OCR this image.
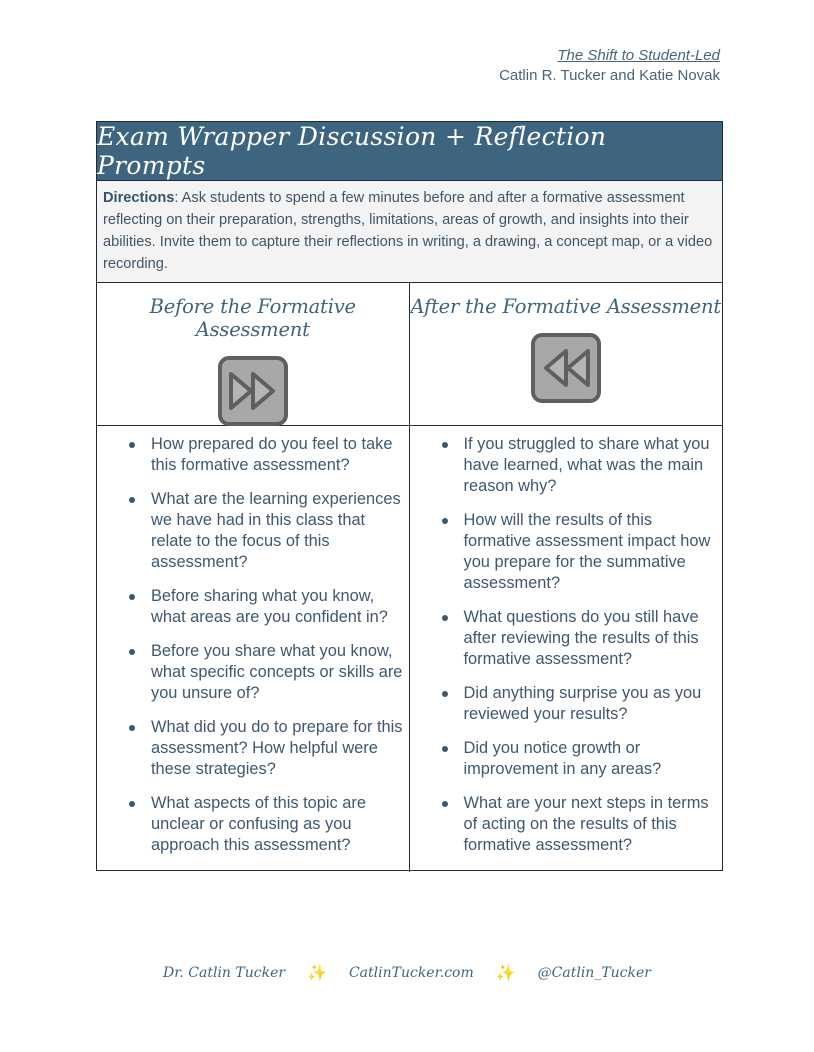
The Shift to Student-Led
Catlin R. Tucker and Katie Novak
Exam Wrapper Discussion + Reflection Prompts
Directions: Ask students to spend a few minutes before and after a formative assessment reflecting on their preparation, strengths, limitations, areas of growth, and insights into their abilities. Invite them to capture their reflections in writing, a drawing, a concept map, or a video recording.
Before the Formative Assessment
After the Formative Assessment
How prepared do you feel to take this formative assessment?
What are the learning experiences we have had in this class that relate to the focus of this assessment?
Before sharing what you know, what areas are you confident in?
Before you share what you know, what specific concepts or skills are you unsure of?
What did you do to prepare for this assessment? How helpful were these strategies?
What aspects of this topic are unclear or confusing as you approach this assessment?
If you struggled to share what you have learned, what was the main reason why?
How will the results of this formative assessment impact how you prepare for the summative assessment?
What questions do you still have after reviewing the results of this formative assessment?
Did anything surprise you as you reviewed your results?
Did you notice growth or improvement in any areas?
What are your next steps in terms of acting on the results of this formative assessment?
Dr. Catlin Tucker ✨ CatlinTucker.com ✨ @Catlin_Tucker
